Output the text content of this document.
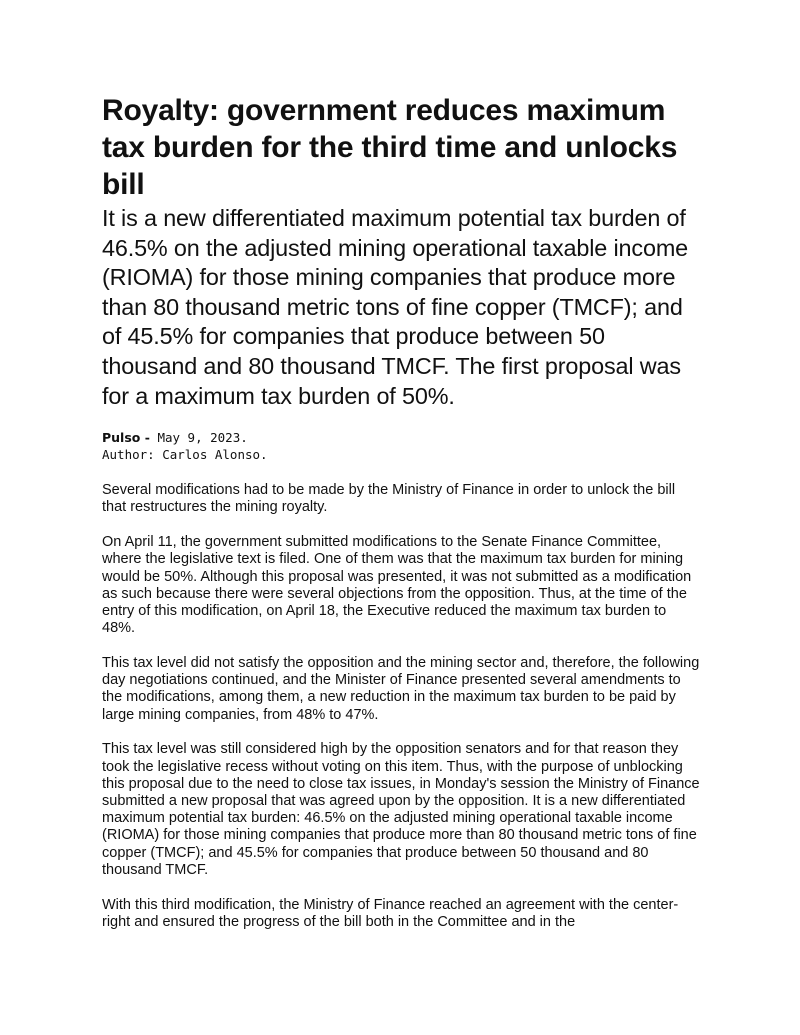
Royalty: government reduces maximum tax burden for the third time and unlocks bill

It is a new differentiated maximum potential tax burden of 46.5% on the adjusted mining operational taxable income (RIOMA) for those mining companies that produce more than 80 thousand metric tons of fine copper (TMCF); and of 45.5% for companies that produce between 50 thousand and 80 thousand TMCF. The first proposal was for a maximum tax burden of 50%.

Pulso - May 9, 2023.
Author: Carlos Alonso.

Several modifications had to be made by the Ministry of Finance in order to unlock the bill that restructures the mining royalty.

On April 11, the government submitted modifications to the Senate Finance Committee, where the legislative text is filed. One of them was that the maximum tax burden for mining would be 50%. Although this proposal was presented, it was not submitted as a modification as such because there were several objections from the opposition. Thus, at the time of the entry of this modification, on April 18, the Executive reduced the maximum tax burden to 48%.

This tax level did not satisfy the opposition and the mining sector and, therefore, the following day negotiations continued, and the Minister of Finance presented several amendments to the modifications, among them, a new reduction in the maximum tax burden to be paid by large mining companies, from 48% to 47%.

This tax level was still considered high by the opposition senators and for that reason they took the legislative recess without voting on this item. Thus, with the purpose of unblocking this proposal due to the need to close tax issues, in Monday's session the Ministry of Finance submitted a new proposal that was agreed upon by the opposition. It is a new differentiated maximum potential tax burden: 46.5% on the adjusted mining operational taxable income (RIOMA) for those mining companies that produce more than 80 thousand metric tons of fine copper (TMCF); and 45.5% for companies that produce between 50 thousand and 80 thousand TMCF.

With this third modification, the Ministry of Finance reached an agreement with the center-right and ensured the progress of the bill both in the Committee and in the
